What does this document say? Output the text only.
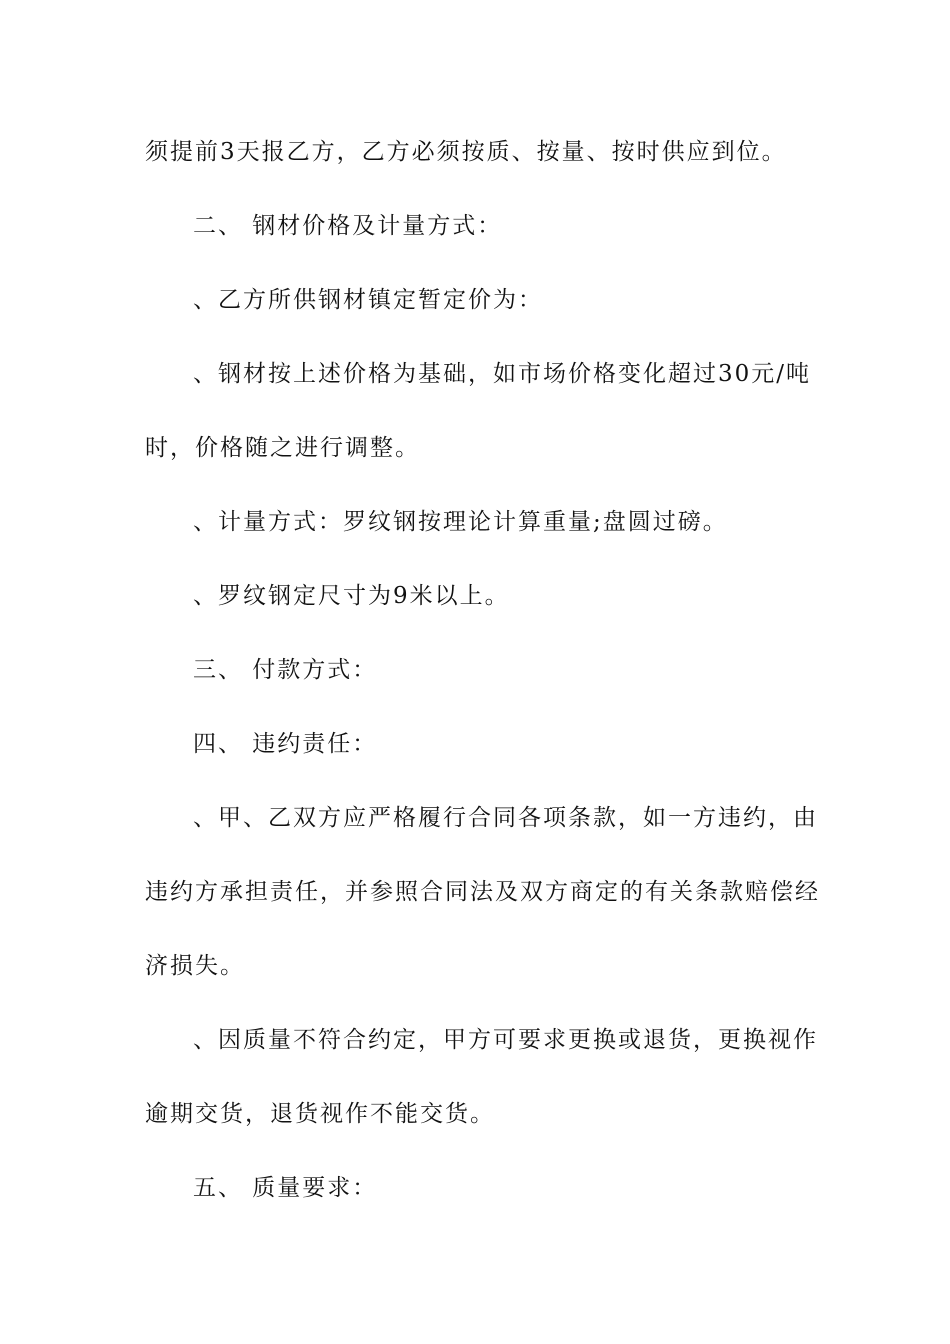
须提前3天报乙方，乙方必须按质、按量、按时供应到位。
二、 钢材价格及计量方式：
、乙方所供钢材镇定暂定价为：
、钢材按上述价格为基础，如市场价格变化超过30元/吨
时，价格随之进行调整。
、计量方式：罗纹钢按理论计算重量;盘圆过磅。
、罗纹钢定尺寸为9米以上。
三、 付款方式：
四、 违约责任：
、甲、乙双方应严格履行合同各项条款，如一方违约，由
违约方承担责任，并参照合同法及双方商定的有关条款赔偿经
济损失。
、因质量不符合约定，甲方可要求更换或退货，更换视作
逾期交货，退货视作不能交货。
五、 质量要求：
